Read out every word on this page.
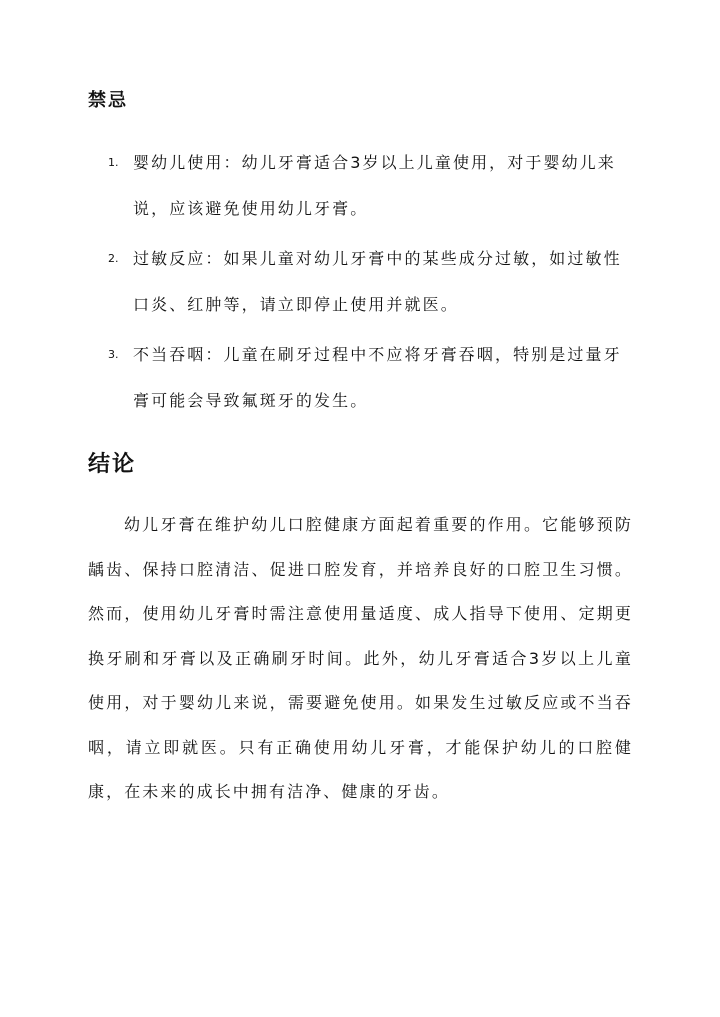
禁忌
1. 婴幼儿使用：幼儿牙膏适合3岁以上儿童使用，对于婴幼儿来说，应该避免使用幼儿牙膏。
2. 过敏反应：如果儿童对幼儿牙膏中的某些成分过敏，如过敏性口炎、红肿等，请立即停止使用并就医。
3. 不当吞咽：儿童在刷牙过程中不应将牙膏吞咽，特别是过量牙膏可能会导致氟斑牙的发生。
结论

幼儿牙膏在维护幼儿口腔健康方面起着重要的作用。它能够预防龋齿、保持口腔清洁、促进口腔发育，并培养良好的口腔卫生习惯。然而，使用幼儿牙膏时需注意使用量适度、成人指导下使用、定期更换牙刷和牙膏以及正确刷牙时间。此外，幼儿牙膏适合3岁以上儿童使用，对于婴幼儿来说，需要避免使用。如果发生过敏反应或不当吞咽，请立即就医。只有正确使用幼儿牙膏，才能保护幼儿的口腔健康，在未来的成长中拥有洁净、健康的牙齿。
